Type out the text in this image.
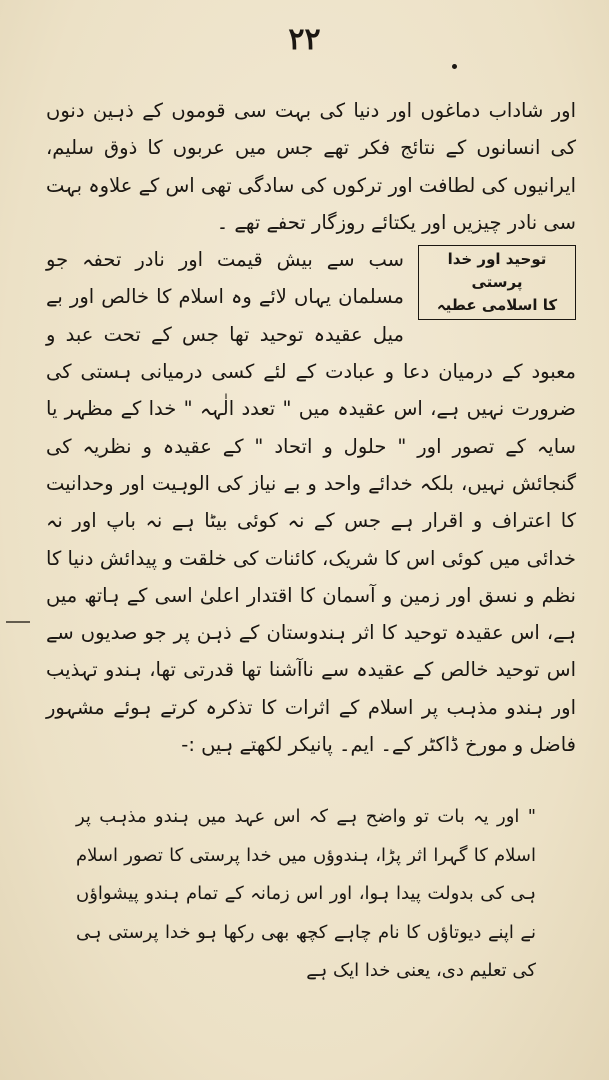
۲۲

اور شاداب دماغوں اور دنیا کی بہت سی قوموں کے ذہین دنوں کی انسانوں کے نتائج فکر تھے جس میں عربوں کا ذوق سلیم، ایرانیوں کی لطافت اور ترکوں کی سادگی تھی اس کے علاوہ بہت سی نادر چیزیں اور یکتائے روزگار تحفے تھے ۔

توحید اور خدا پرستی
کا اسلامی عطیہ

سب سے بیش قیمت اور نادر تحفہ جو مسلمان یہاں لائے وہ اسلام کا خالص اور بے میل عقیدہ توحید تھا جس کے تحت عبد و معبود کے درمیان دعا و عبادت کے لئے کسی درمیانی ہستی کی ضرورت نہیں ہے، اس عقیدہ میں " تعدد الٰہہ " خدا کے مظہر یا سایہ کے تصور اور " حلول و اتحاد " کے عقیدہ و نظریہ کی گنجائش نہیں، بلکہ خدائے واحد و بے نیاز کی الوہیت اور وحدانیت کا اعتراف و اقرار ہے جس کے نہ کوئی بیٹا ہے نہ باپ اور نہ خدائی میں کوئی اس کا شریک، کائنات کی خلقت و پیدائش دنیا کا نظم و نسق اور زمین و آسمان کا اقتدار اعلیٰ اسی کے ہاتھ میں ہے، اس عقیدہ توحید کا اثر ہندوستان کے ذہن پر جو صدیوں سے اس توحید خالص کے عقیدہ سے ناآشنا تھا قدرتی تھا، ہندو تہذیب اور ہندو مذہب پر اسلام کے اثرات کا تذکرہ کرتے ہوئے مشہور فاضل و مورخ ڈاکٹر کے۔ ایم۔ پانیکر لکھتے ہیں :-

" اور یہ بات تو واضح ہے کہ اس عہد میں ہندو مذہب پر اسلام کا گہرا اثر پڑا، ہندوؤں میں خدا پرستی کا تصور اسلام ہی کی بدولت پیدا ہوا، اور اس زمانہ کے تمام ہندو پیشواؤں نے اپنے دیوتاؤں کا نام چاہے کچھ بھی رکھا ہو خدا پرستی ہی کی تعلیم دی، یعنی خدا ایک ہے
